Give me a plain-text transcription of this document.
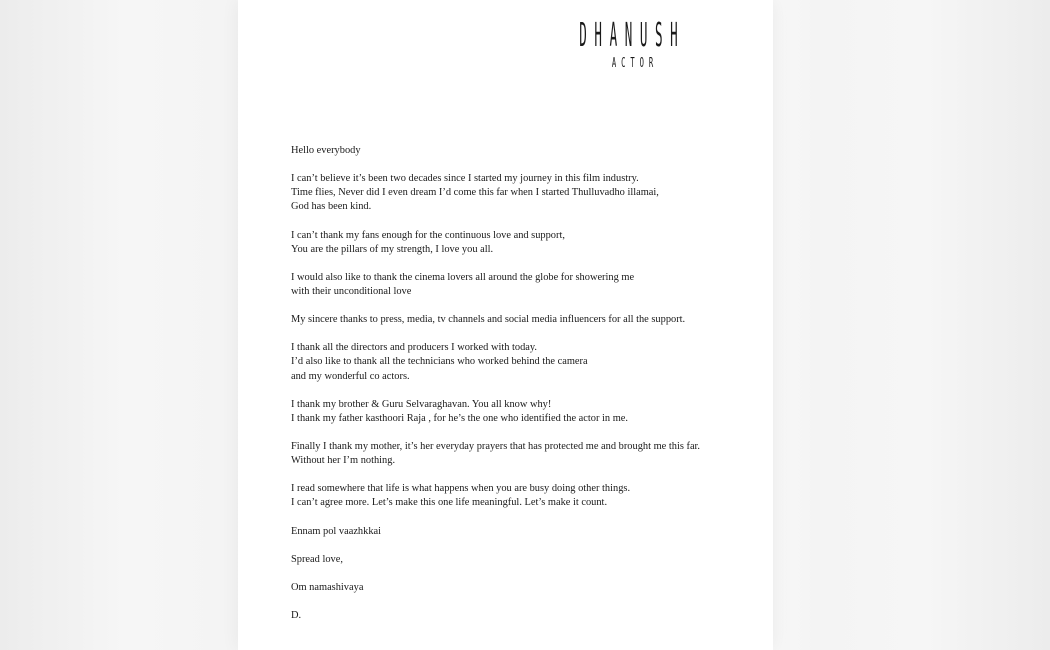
DHANUSH
ACTOR
Hello everybody
I can’t believe it’s been two decades since I started my journey in this film industry.
Time flies, Never did I even dream I’d come this far when I started Thulluvadho illamai,
God has been kind.
I can’t thank my fans enough for the continuous love and support,
You are the pillars of my strength, I love you all.
I would also like to thank the cinema lovers all around the globe for showering me
with their unconditional love
My sincere thanks to press, media, tv channels and social media influencers for all the support.
I thank all the directors and producers I worked with today.
I’d also like to thank all the technicians who worked behind the camera
and my wonderful co actors.
I thank my brother & Guru Selvaraghavan. You all know why!
I thank my father kasthoori Raja , for he’s the one who identified the actor in me.
Finally I thank my mother, it’s her everyday prayers that has protected me and brought me this far.
Without her I’m nothing.
I read somewhere that life is what happens when you are busy doing other things.
I can’t agree more. Let’s make this one life meaningful. Let’s make it count.
Ennam pol vaazhkkai
Spread love,
Om namashivaya
D.
